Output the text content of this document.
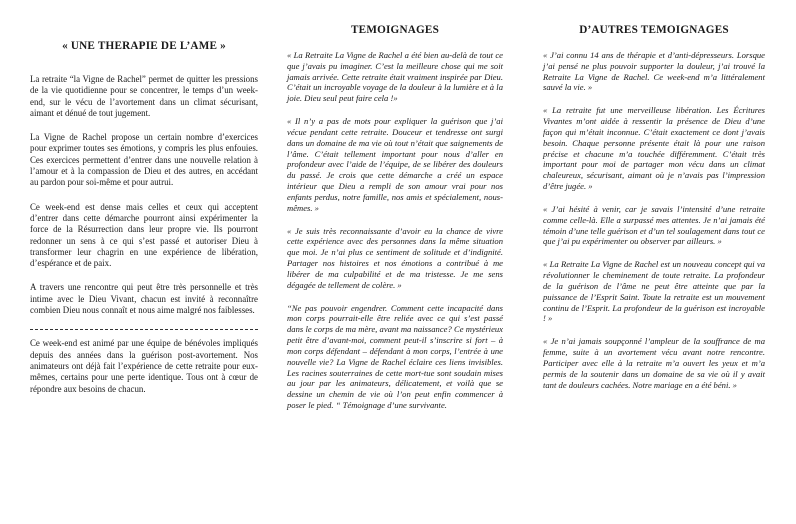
« UNE THERAPIE DE L’AME »

La retraite “la Vigne de Rachel” permet de quitter les pressions de la vie quotidienne pour se concentrer, le temps d’un week-end, sur le vécu de l’avortement dans un climat sécurisant, aimant et dénué de tout jugement.

La Vigne de Rachel propose un certain nombre d’exercices pour exprimer toutes ses émotions, y compris les plus enfouies. Ces exercices permettent d’entrer dans une nouvelle relation à l’amour et à la compassion de Dieu et des autres, en accédant au pardon pour soi-même et pour autrui.

Ce week-end est dense mais celles et ceux qui acceptent d’entrer dans cette démarche pourront ainsi expérimenter la force de la Résurrection dans leur propre vie. Ils pourront redonner un sens à ce qui s’est passé et autoriser Dieu à transformer leur chagrin en une expérience de libération, d’espérance et de paix.

A travers une rencontre qui peut être très personnelle et très intime avec le Dieu Vivant, chacun est invité à reconnaître combien Dieu nous connaît et nous aime malgré nos faiblesses.

Ce week-end est animé par une équipe de bénévoles impliqués depuis des années dans la guérison post-avortement. Nos animateurs ont déjà fait l’expérience de cette retraite pour eux-mêmes, certains pour une perte identique. Tous ont à cœur de répondre aux besoins de chacun.

TEMOIGNAGES

« La Retraite La Vigne de Rachel a été bien au-delà de tout ce que j’avais pu imaginer. C’est la meilleure chose qui me soit jamais arrivée. Cette retraite était vraiment inspirée par Dieu. C’était un incroyable voyage de la douleur à la lumière et à la joie. Dieu seul peut faire cela !»

« Il n’y a pas de mots pour expliquer la guérison que j’ai vécue pendant cette retraite. Douceur et tendresse ont surgi dans un domaine de ma vie où tout n’était que saignements de l’âme. C’était tellement important pour nous d’aller en profondeur avec l’aide de l’équipe, de se libérer des douleurs du passé. Je crois que cette démarche a créé un espace intérieur que Dieu a rempli de son amour vrai pour nos enfants perdus, notre famille, nos amis et spécialement, nous-mêmes. »

« Je suis très reconnaissante d’avoir eu la chance de vivre cette expérience avec des personnes dans la même situation que moi. Je n’ai plus ce sentiment de solitude et d’indignité. Partager nos histoires et nos émotions a contribué à me libérer de ma culpabilité et de ma tristesse. Je me sens dégagée de tellement de colère. »

“Ne pas pouvoir engendrer. Comment cette incapacité dans mon corps pourrait-elle être reliée avec ce qui s’est passé dans le corps de ma mère, avant ma naissance? Ce mystérieux petit être d’avant-moi, comment peut-il s’inscrire si fort – à mon corps défendant – défendant à mon corps, l’entrée à une nouvelle vie? La Vigne de Rachel éclaire ces liens invisibles. Les racines souterraines de cette mort-tue sont soudain mises au jour par les animateurs, délicatement, et voilà que se dessine un chemin de vie où l’on peut enfin commencer à poser le pied. “ Témoignage d’une survivante.

D’AUTRES TEMOIGNAGES

« J’ai connu 14 ans de thérapie et d’anti-dépresseurs. Lorsque j’ai pensé ne plus pouvoir supporter la douleur, j’ai trouvé la Retraite La Vigne de Rachel. Ce week-end m’a littéralement sauvé la vie. »

« La retraite fut une merveilleuse libération. Les Écritures Vivantes m’ont aidée à ressentir la présence de Dieu d’une façon qui m’était inconnue. C’était exactement ce dont j’avais besoin. Chaque personne présente était là pour une raison précise et chacune m’a touchée différemment. C’était très important pour moi de partager mon vécu dans un climat chaleureux, sécurisant, aimant où je n’avais pas l’impression d’être jugée. »

« J’ai hésité à venir, car je savais l’intensité d’une retraite comme celle-là. Elle a surpassé mes attentes. Je n’ai jamais été témoin d’une telle guérison et d’un tel soulagement dans tout ce que j’ai pu expérimenter ou observer par ailleurs. »

« La Retraite La Vigne de Rachel est un nouveau concept qui va révolutionner le cheminement de toute retraite. La profondeur de la guérison de l’âme ne peut être atteinte que par la puissance de l’Esprit Saint. Toute la retraite est un mouvement continu de l’Esprit. La profondeur de la guérison est incroyable ! »

« Je n’ai jamais soupçonné l’ampleur de la souffrance de ma femme, suite à un avortement vécu avant notre rencontre. Participer avec elle à la retraite m’a ouvert les yeux et m’a permis de la soutenir dans un domaine de sa vie où il y avait tant de douleurs cachées. Notre mariage en a été béni. »
